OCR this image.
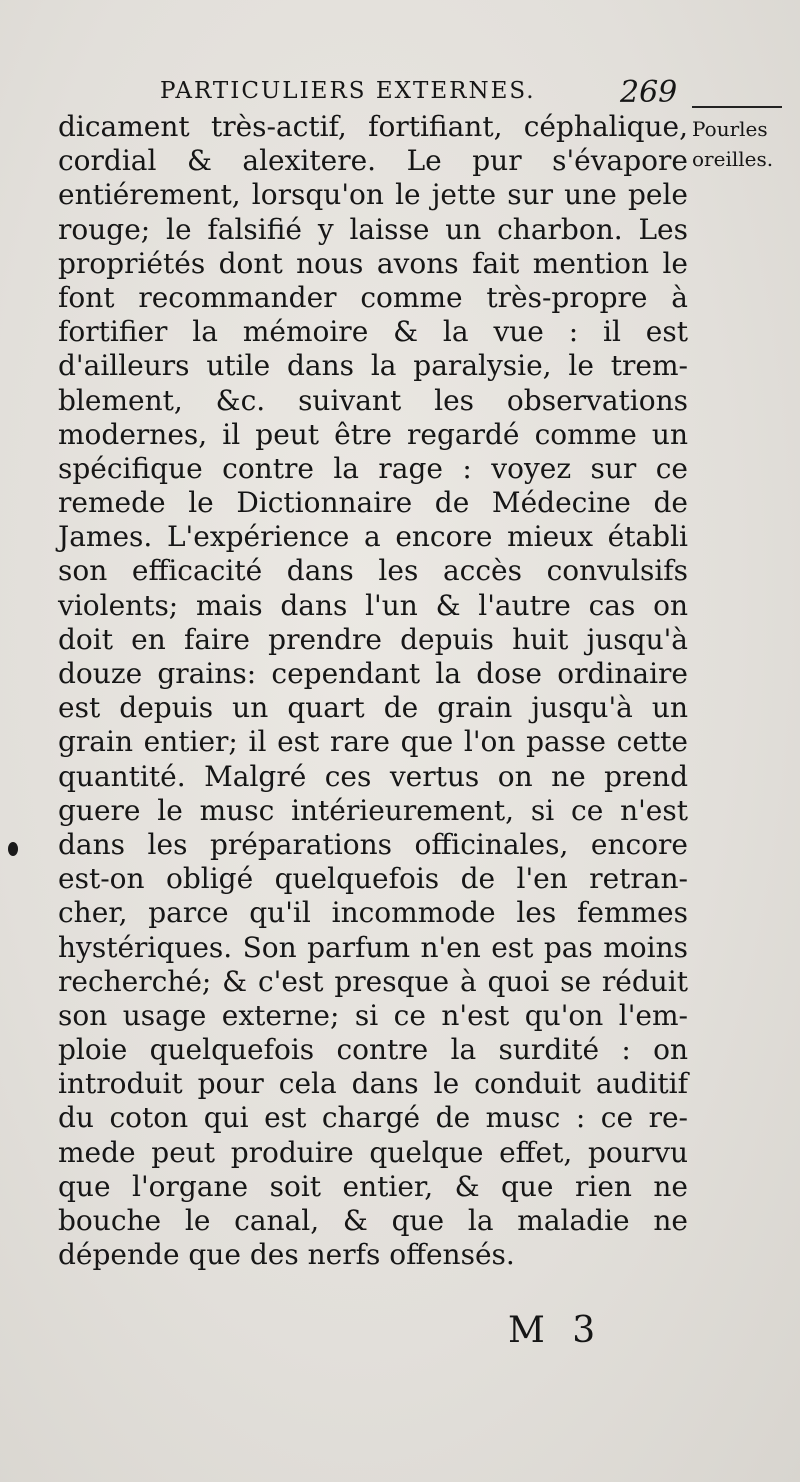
PARTICULIERS EXTERNES.	269
Pourles
oreilles.
dicament très-actif, fortifiant, céphalique,
cordial & alexitere. Le pur s'évapore
entiérement, lorsqu'on le jette sur une pele
rouge; le falsifié y laisse un charbon. Les
propriétés dont nous avons fait mention le
font recommander comme très-propre à
fortifier la mémoire & la vue : il est
d'ailleurs utile dans la paralysie, le trem-
blement, &c. suivant les observations
modernes, il peut être regardé comme un
spécifique contre la rage : voyez sur ce
remede le Dictionnaire de Médecine de
James. L'expérience a encore mieux établi
son efficacité dans les accès convulsifs
violents; mais dans l'un & l'autre cas on
doit en faire prendre depuis huit jusqu'à
douze grains: cependant la dose ordinaire
est depuis un quart de grain jusqu'à un
grain entier; il est rare que l'on passe cette
quantité. Malgré ces vertus on ne prend
guere le musc intérieurement, si ce n'est
dans les préparations officinales, encore
est-on obligé quelquefois de l'en retran-
cher, parce qu'il incommode les femmes
hystériques. Son parfum n'en est pas moins
recherché; & c'est presque à quoi se réduit
son usage externe; si ce n'est qu'on l'em-
ploie quelquefois contre la surdité : on
introduit pour cela dans le conduit auditif
du coton qui est chargé de musc : ce re-
mede peut produire quelque effet, pourvu
que l'organe soit entier, & que rien ne
bouche le canal, & que la maladie ne
dépende que des nerfs offensés.
M 3
